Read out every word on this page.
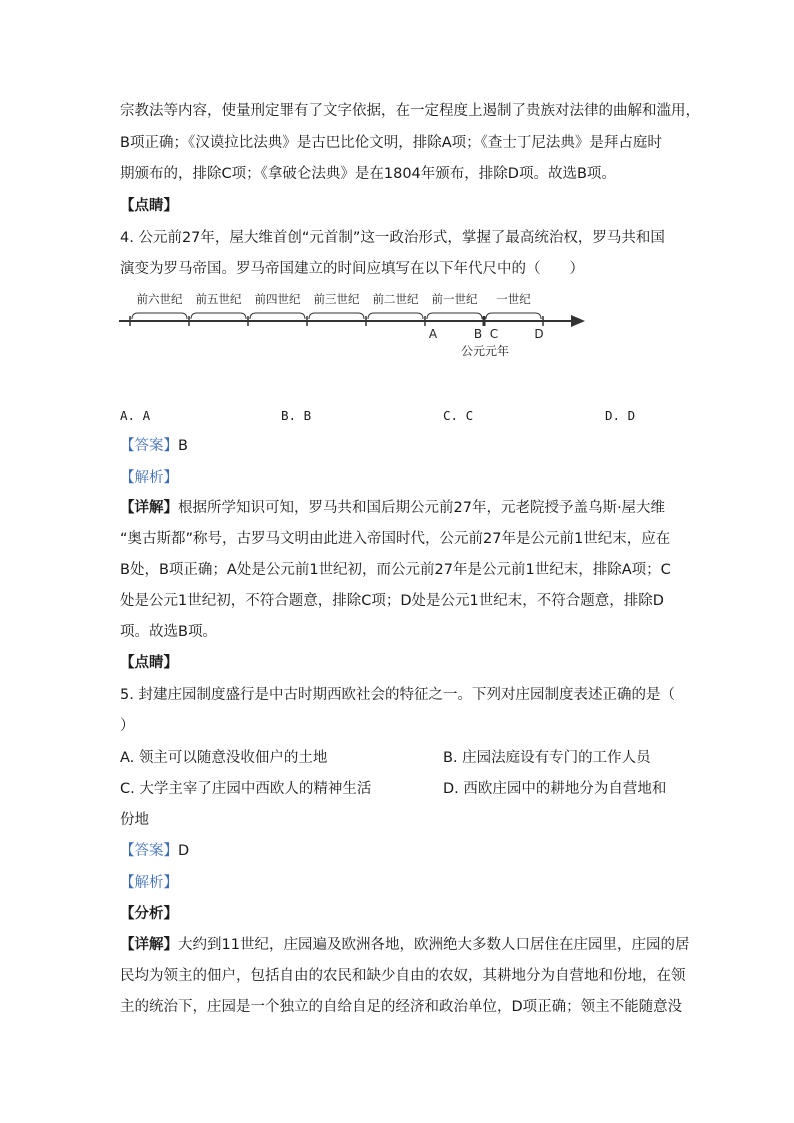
宗教法等内容，使量刑定罪有了文字依据，在一定程度上遏制了贵族对法律的曲解和滥用，
B项正确；《汉谟拉比法典》是古巴比伦文明，排除A项；《查士丁尼法典》是拜占庭时
期颁布的，排除C项；《拿破仑法典》是在1804年颁布，排除D项。故选B项。
【点睛】
4. 公元前27年，屋大维首创“元首制”这一政治形式，掌握了最高统治权，罗马共和国
演变为罗马帝国。罗马帝国建立的时间应填写在以下年代尺中的（　　）
前六世纪 前五世纪 前四世纪 前三世纪 前二世纪 前一世纪 一世纪
A	B C	D
公元元年
A. A	B. B	C. C	D. D
【答案】B
【解析】
【详解】根据所学知识可知，罗马共和国后期公元前27年，元老院授予盖乌斯·屋大维
“奥古斯都”称号，古罗马文明由此进入帝国时代，公元前27年是公元前1世纪末，应在
B处，B项正确；A处是公元前1世纪初，而公元前27年是公元前1世纪末，排除A项；C
处是公元1世纪初，不符合题意，排除C项；D处是公元1世纪末，不符合题意，排除D
项。故选B项。
【点睛】
5. 封建庄园制度盛行是中古时期西欧社会的特征之一。下列对庄园制度表述正确的是（
）
A. 领主可以随意没收佃户的土地	B. 庄园法庭设有专门的工作人员
C. 大学主宰了庄园中西欧人的精神生活	D. 西欧庄园中的耕地分为自营地和
份地
【答案】D
【解析】
【分析】
【详解】大约到11世纪，庄园遍及欧洲各地，欧洲绝大多数人口居住在庄园里，庄园的居
民均为领主的佃户，包括自由的农民和缺少自由的农奴，其耕地分为自营地和份地，在领
主的统治下，庄园是一个独立的自给自足的经济和政治单位，D项正确；领主不能随意没
